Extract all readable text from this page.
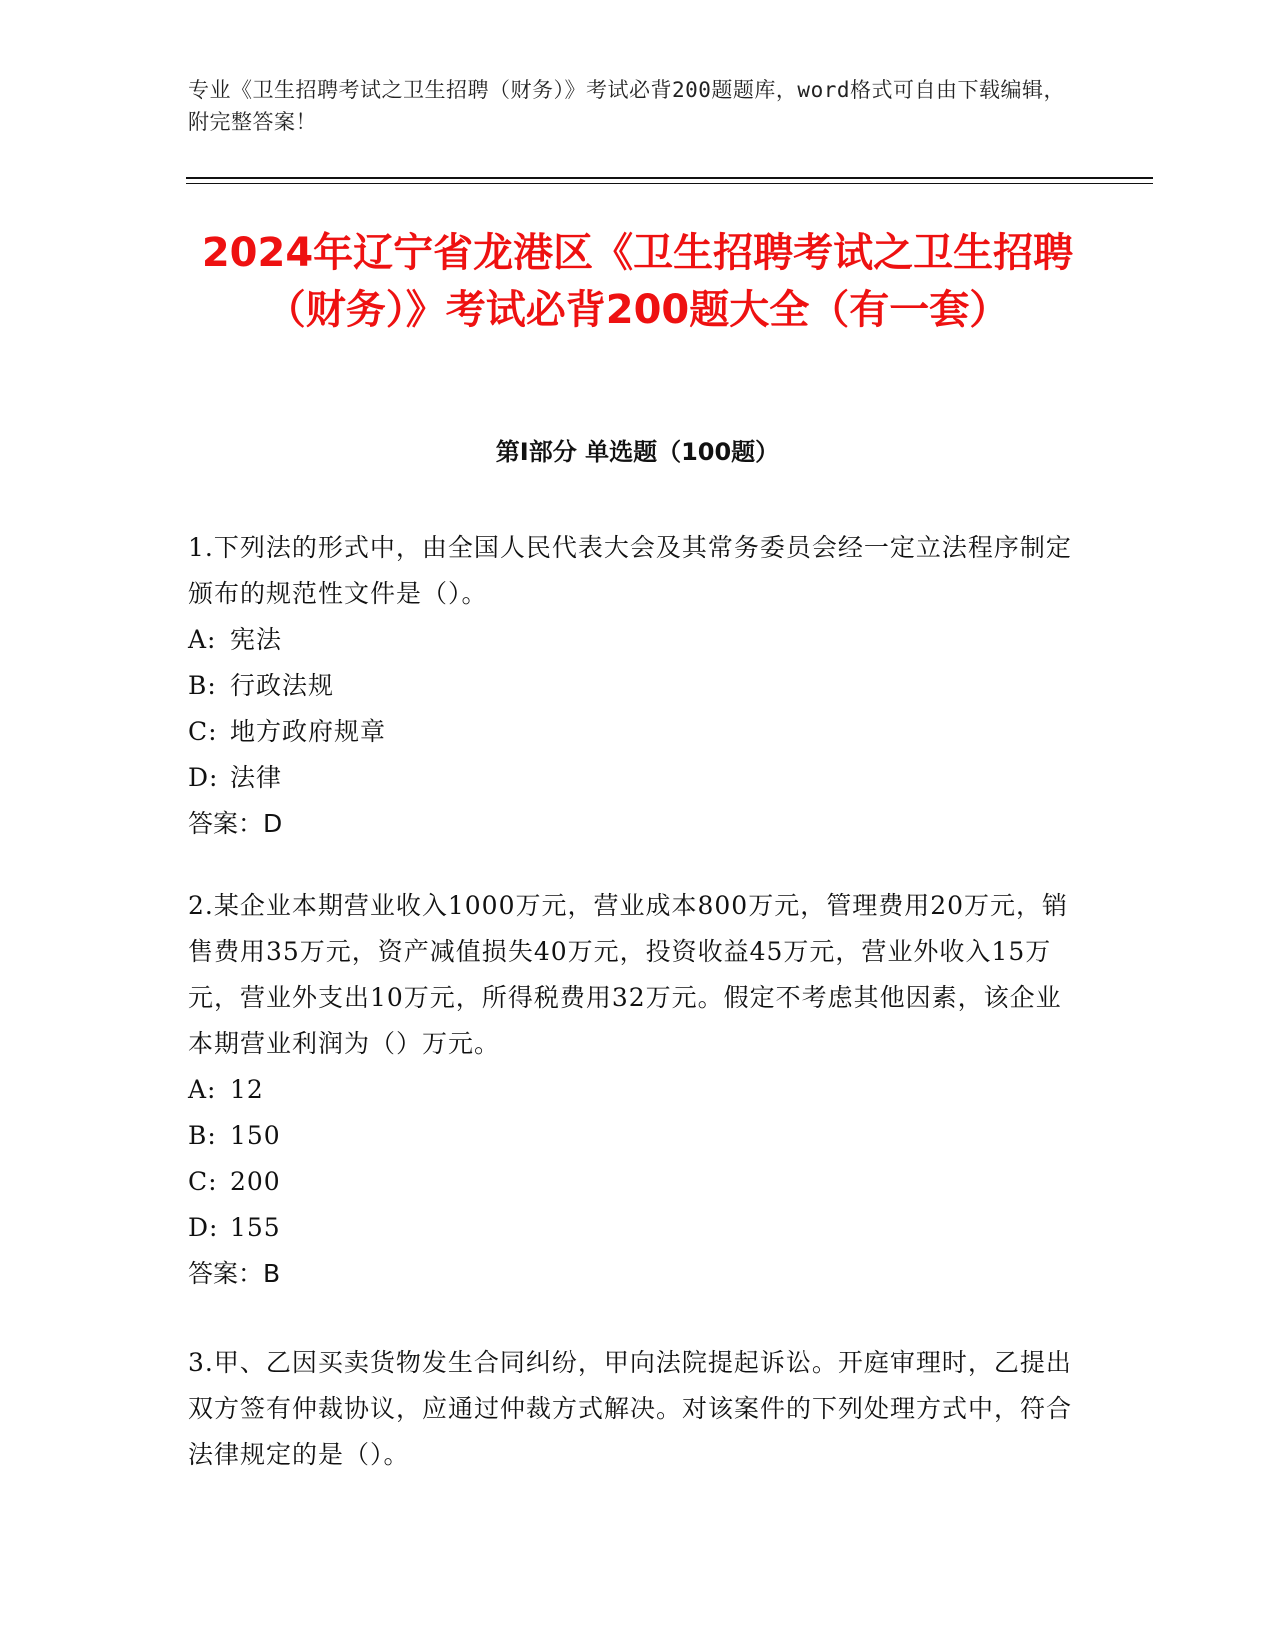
专业《卫生招聘考试之卫生招聘（财务）》考试必背200题题库，word格式可自由下载编辑，附完整答案！
2024年辽宁省龙港区《卫生招聘考试之卫生招聘（财务）》考试必背200题大全（有一套）
第I部分 单选题（100题）

1.下列法的形式中，由全国人民代表大会及其常务委员会经一定立法程序制定颁布的规范性文件是（）。

A: 宪法

B: 行政法规

C: 地方政府规章

D: 法律

答案：D

2.某企业本期营业收入1000万元，营业成本800万元，管理费用20万元，销售费用35万元，资产减值损失40万元，投资收益45万元，营业外收入15万元，营业外支出10万元，所得税费用32万元。假定不考虑其他因素，该企业本期营业利润为（）万元。

A: 12

B: 150

C: 200

D: 155

答案：B

3.甲、乙因买卖货物发生合同纠纷，甲向法院提起诉讼。开庭审理时，乙提出双方签有仲裁协议，应通过仲裁方式解决。对该案件的下列处理方式中，符合法律规定的是（）。
